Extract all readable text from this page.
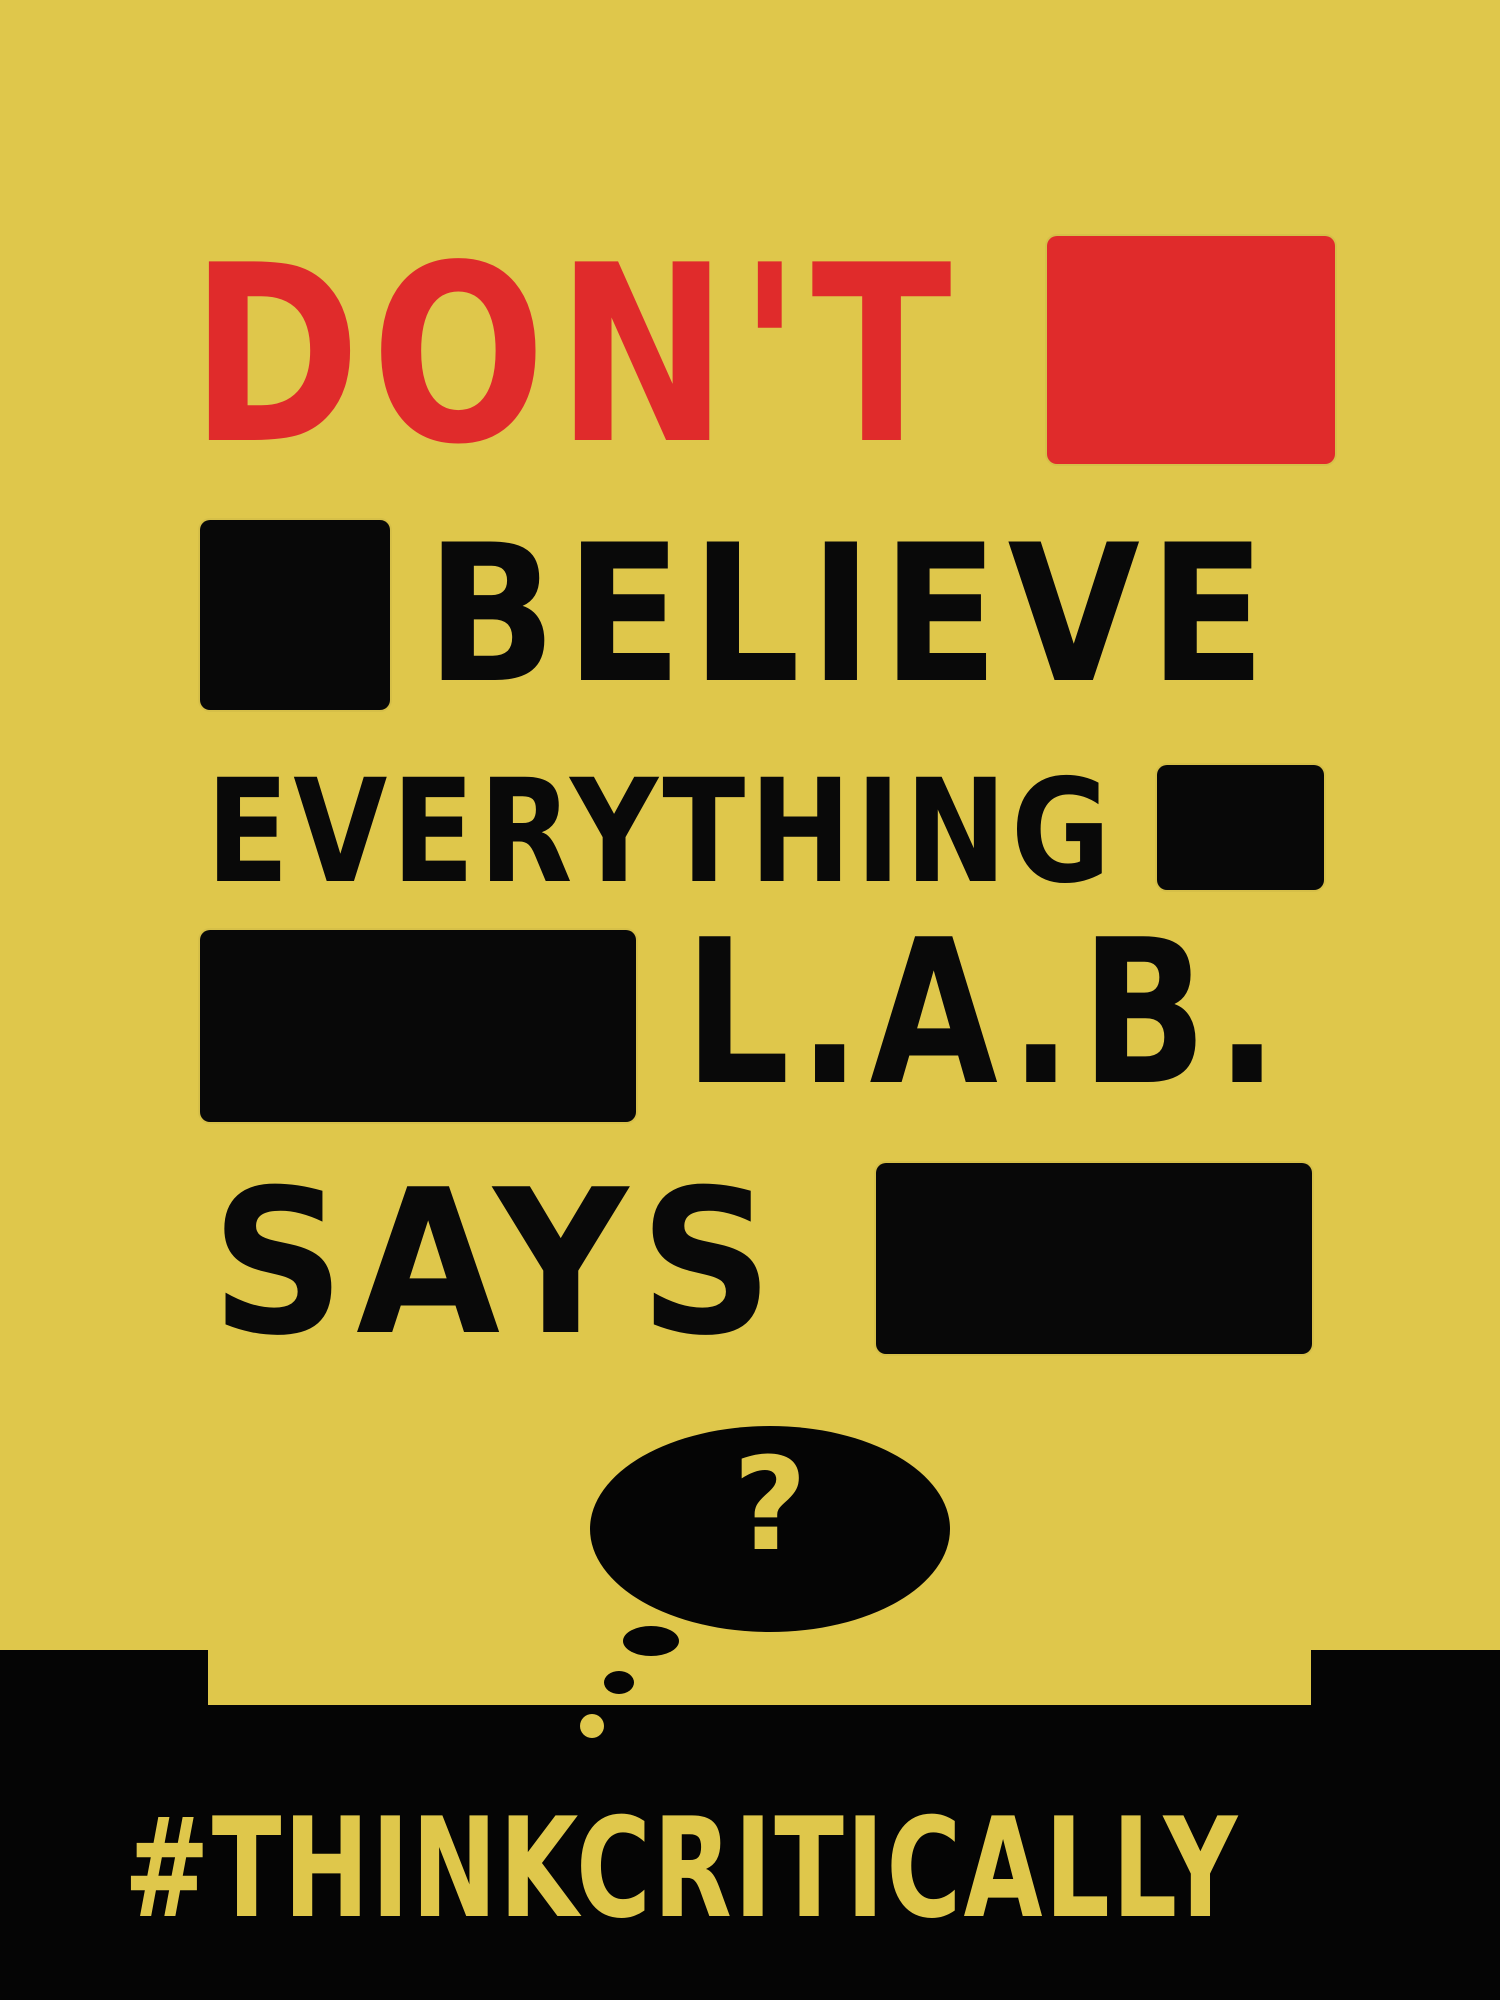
DON'T
BELIEVE
EVERYTHING
L.A.B.
SAYS
?
#THINKCRITICALLY
